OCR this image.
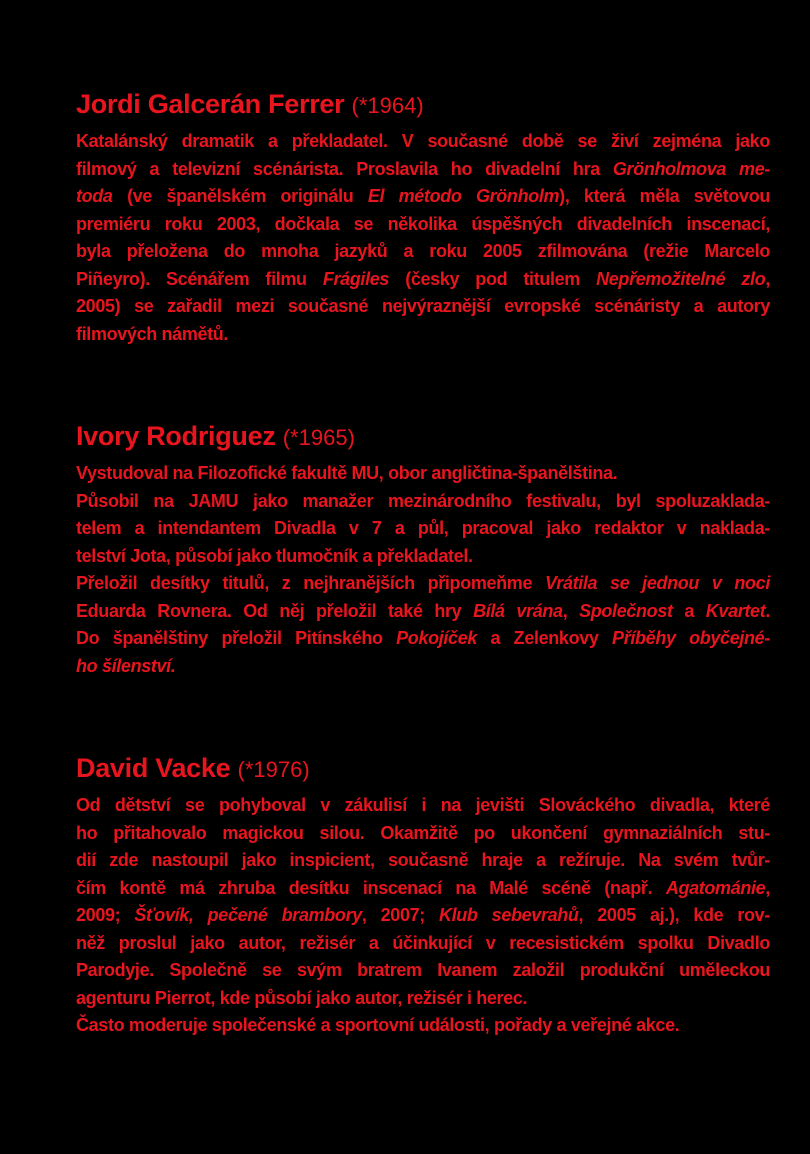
Jordi Galcerán Ferrer (*1964)
Katalánský dramatik a překladatel. V současné době se živí zejména jako
filmový a televizní scénárista. Proslavila ho divadelní hra Grönholmova me-
toda (ve španělském originálu El método Grönholm), která měla světovou
premiéru roku 2003, dočkala se několika úspěšných divadelních inscenací,
byla přeložena do mnoha jazyků a roku 2005 zfilmována (režie Marcelo
Piñeyro). Scénářem filmu Frágiles (česky pod titulem Nepřemožitelné zlo,
2005) se zařadil mezi současné nejvýraznější evropské scénáristy a autory
filmových námětů.
Ivory Rodriguez (*1965)
Vystudoval na Filozofické fakultě MU, obor angličtina-španělština.
Působil na JAMU jako manažer mezinárodního festivalu, byl spoluzaklada-
telem a intendantem Divadla v 7 a půl, pracoval jako redaktor v naklada-
telství Jota, působí jako tlumočník a překladatel.
Přeložil desítky titulů, z nejhranějších připomeňme Vrátila se jednou v noci
Eduarda Rovnera. Od něj přeložil také hry Bílá vrána, Společnost a Kvartet.
Do španělštiny přeložil Pitínského Pokojíček a Zelenkovy Příběhy obyčejné-
ho šílenství.
David Vacke (*1976)
Od dětství se pohyboval v zákulisí i na jevišti Slováckého divadla, které
ho přitahovalo magickou silou. Okamžitě po ukončení gymnaziálních stu-
dií zde nastoupil jako inspicient, současně hraje a režíruje. Na svém tvůr-
čím kontě má zhruba desítku inscenací na Malé scéně (např. Agatománie,
2009; Šťovík, pečené brambory, 2007; Klub sebevrahů, 2005 aj.), kde rov-
něž proslul jako autor, režisér a účinkující v recesistickém spolku Divadlo
Parodyje. Společně se svým bratrem Ivanem založil produkční uměleckou
agenturu Pierrot, kde působí jako autor, režisér i herec.
Často moderuje společenské a sportovní události, pořady a veřejné akce.
